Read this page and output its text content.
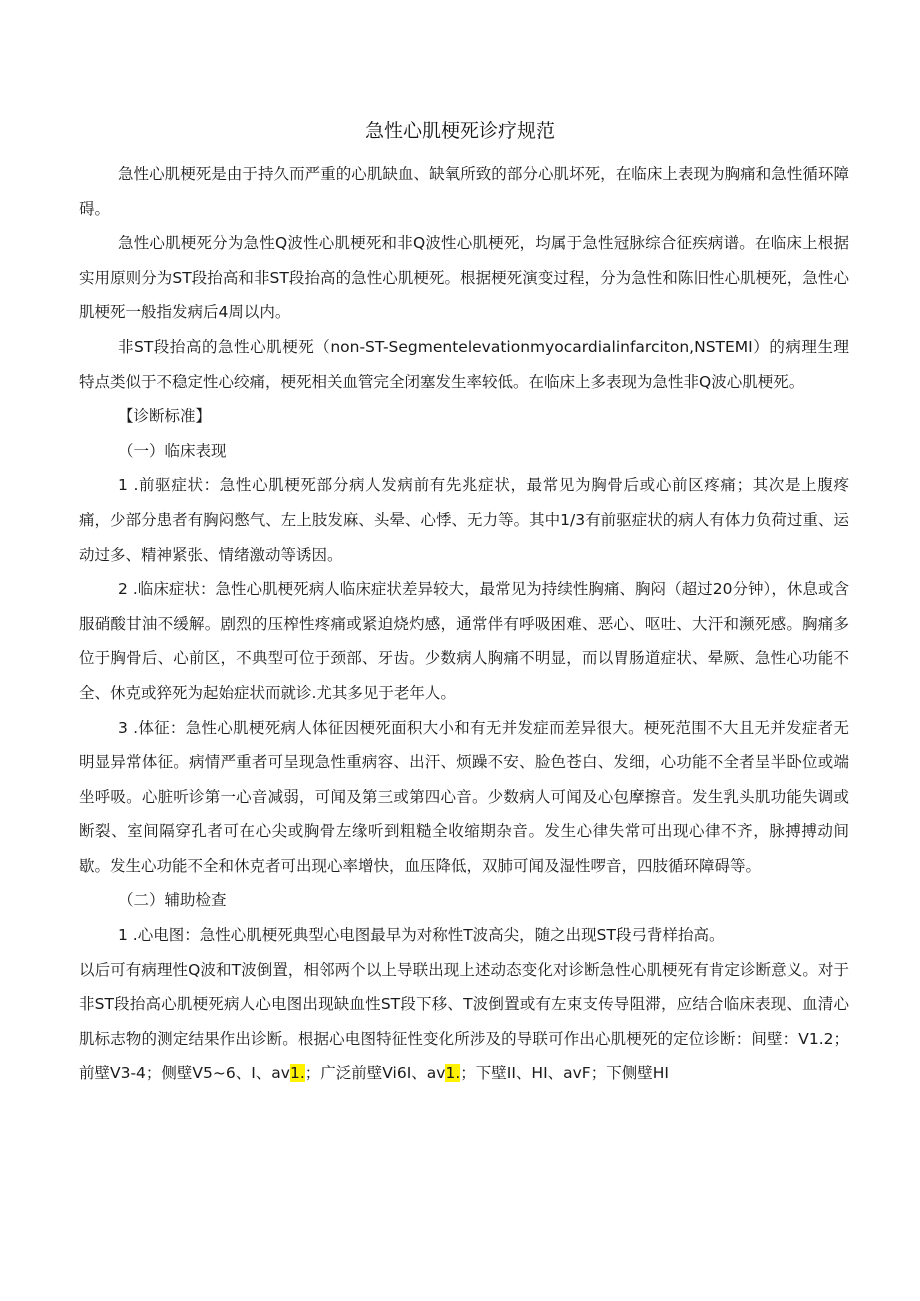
急性心肌梗死诊疗规范

急性心肌梗死是由于持久而严重的心肌缺血、缺氧所致的部分心肌坏死，在临床上表现为胸痛和急性循环障碍。

急性心肌梗死分为急性Q波性心肌梗死和非Q波性心肌梗死，均属于急性冠脉综合征疾病谱。在临床上根据实用原则分为ST段抬高和非ST段抬高的急性心肌梗死。根据梗死演变过程，分为急性和陈旧性心肌梗死，急性心肌梗死一般指发病后4周以内。

非ST段抬高的急性心肌梗死（non-ST-Segmentelevationmyocardialinfarciton,NSTEMI）的病理生理特点类似于不稳定性心绞痛，梗死相关血管完全闭塞发生率较低。在临床上多表现为急性非Q波心肌梗死。

【诊断标准】

（一）临床表现

1 .前驱症状：急性心肌梗死部分病人发病前有先兆症状，最常见为胸骨后或心前区疼痛；其次是上腹疼痛，少部分患者有胸闷憋气、左上肢发麻、头晕、心悸、无力等。其中1/3有前驱症状的病人有体力负荷过重、运动过多、精神紧张、情绪激动等诱因。

2 .临床症状：急性心肌梗死病人临床症状差异较大，最常见为持续性胸痛、胸闷（超过20分钟），休息或含服硝酸甘油不缓解。剧烈的压榨性疼痛或紧迫烧灼感，通常伴有呼吸困难、恶心、呕吐、大汗和濒死感。胸痛多位于胸骨后、心前区，不典型可位于颈部、牙齿。少数病人胸痛不明显，而以胃肠道症状、晕厥、急性心功能不全、休克或猝死为起始症状而就诊.尤其多见于老年人。

3 .体征：急性心肌梗死病人体征因梗死面积大小和有无并发症而差异很大。梗死范围不大且无并发症者无明显异常体征。病情严重者可呈现急性重病容、出汗、烦躁不安、脸色苍白、发细，心功能不全者呈半卧位或端坐呼吸。心脏听诊第一心音减弱，可闻及第三或第四心音。少数病人可闻及心包摩擦音。发生乳头肌功能失调或断裂、室间隔穿孔者可在心尖或胸骨左缘听到粗糙全收缩期杂音。发生心律失常可出现心律不齐，脉搏搏动间歇。发生心功能不全和休克者可出现心率增快，血压降低，双肺可闻及湿性啰音，四肢循环障碍等。

（二）辅助检查

1 .心电图：急性心肌梗死典型心电图最早为对称性T波高尖，随之出现ST段弓背样抬高。

以后可有病理性Q波和T波倒置，相邻两个以上导联出现上述动态变化对诊断急性心肌梗死有肯定诊断意义。对于非ST段抬高心肌梗死病人心电图出现缺血性ST段下移、T波倒置或有左束支传导阻滞，应结合临床表现、血清心肌标志物的测定结果作出诊断。根据心电图特征性变化所涉及的导联可作出心肌梗死的定位诊断：间壁：V1.2；前壁V3-4；侧壁V5~6、I、av1.；广泛前壁Vi6I、av1.；下壁II、HI、avF；下侧壁HI
